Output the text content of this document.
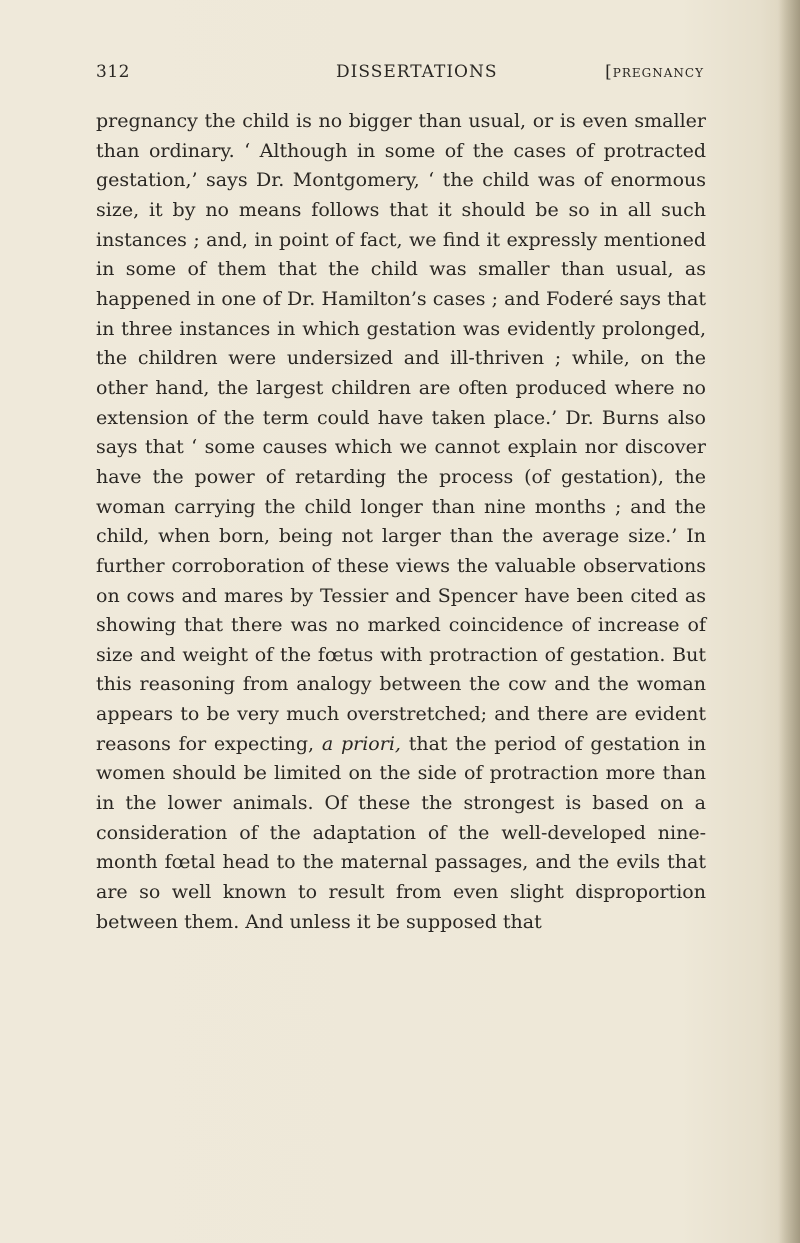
312	DISSERTATIONS	[pregnancy

pregnancy the child is no bigger than usual, or is even smaller than ordinary. ‘ Although in some of the cases of protracted gestation,’ says Dr. Montgomery, ‘ the child was of enormous size, it by no means follows that it should be so in all such instances ; and, in point of fact, we find it expressly mentioned in some of them that the child was smaller than usual, as happened in one of Dr. Hamilton’s cases ; and Foderé says that in three instances in which gestation was evidently prolonged, the children were undersized and ill-thriven ; while, on the other hand, the largest children are often produced where no extension of the term could have taken place.’ Dr. Burns also says that ‘ some causes which we cannot explain nor discover have the power of retarding the process (of gestation), the woman carrying the child longer than nine months ; and the child, when born, being not larger than the average size.’ In further corroboration of these views the valuable observations on cows and mares by Tessier and Spencer have been cited as showing that there was no marked coincidence of increase of size and weight of the fœtus with protraction of gestation. But this reasoning from analogy between the cow and the woman appears to be very much overstretched; and there are evident reasons for expecting, a priori, that the period of gestation in women should be limited on the side of protraction more than in the lower animals. Of these the strongest is based on a consideration of the adaptation of the well-developed nine-month fœtal head to the maternal passages, and the evils that are so well known to result from even slight disproportion between them. And unless it be supposed that
